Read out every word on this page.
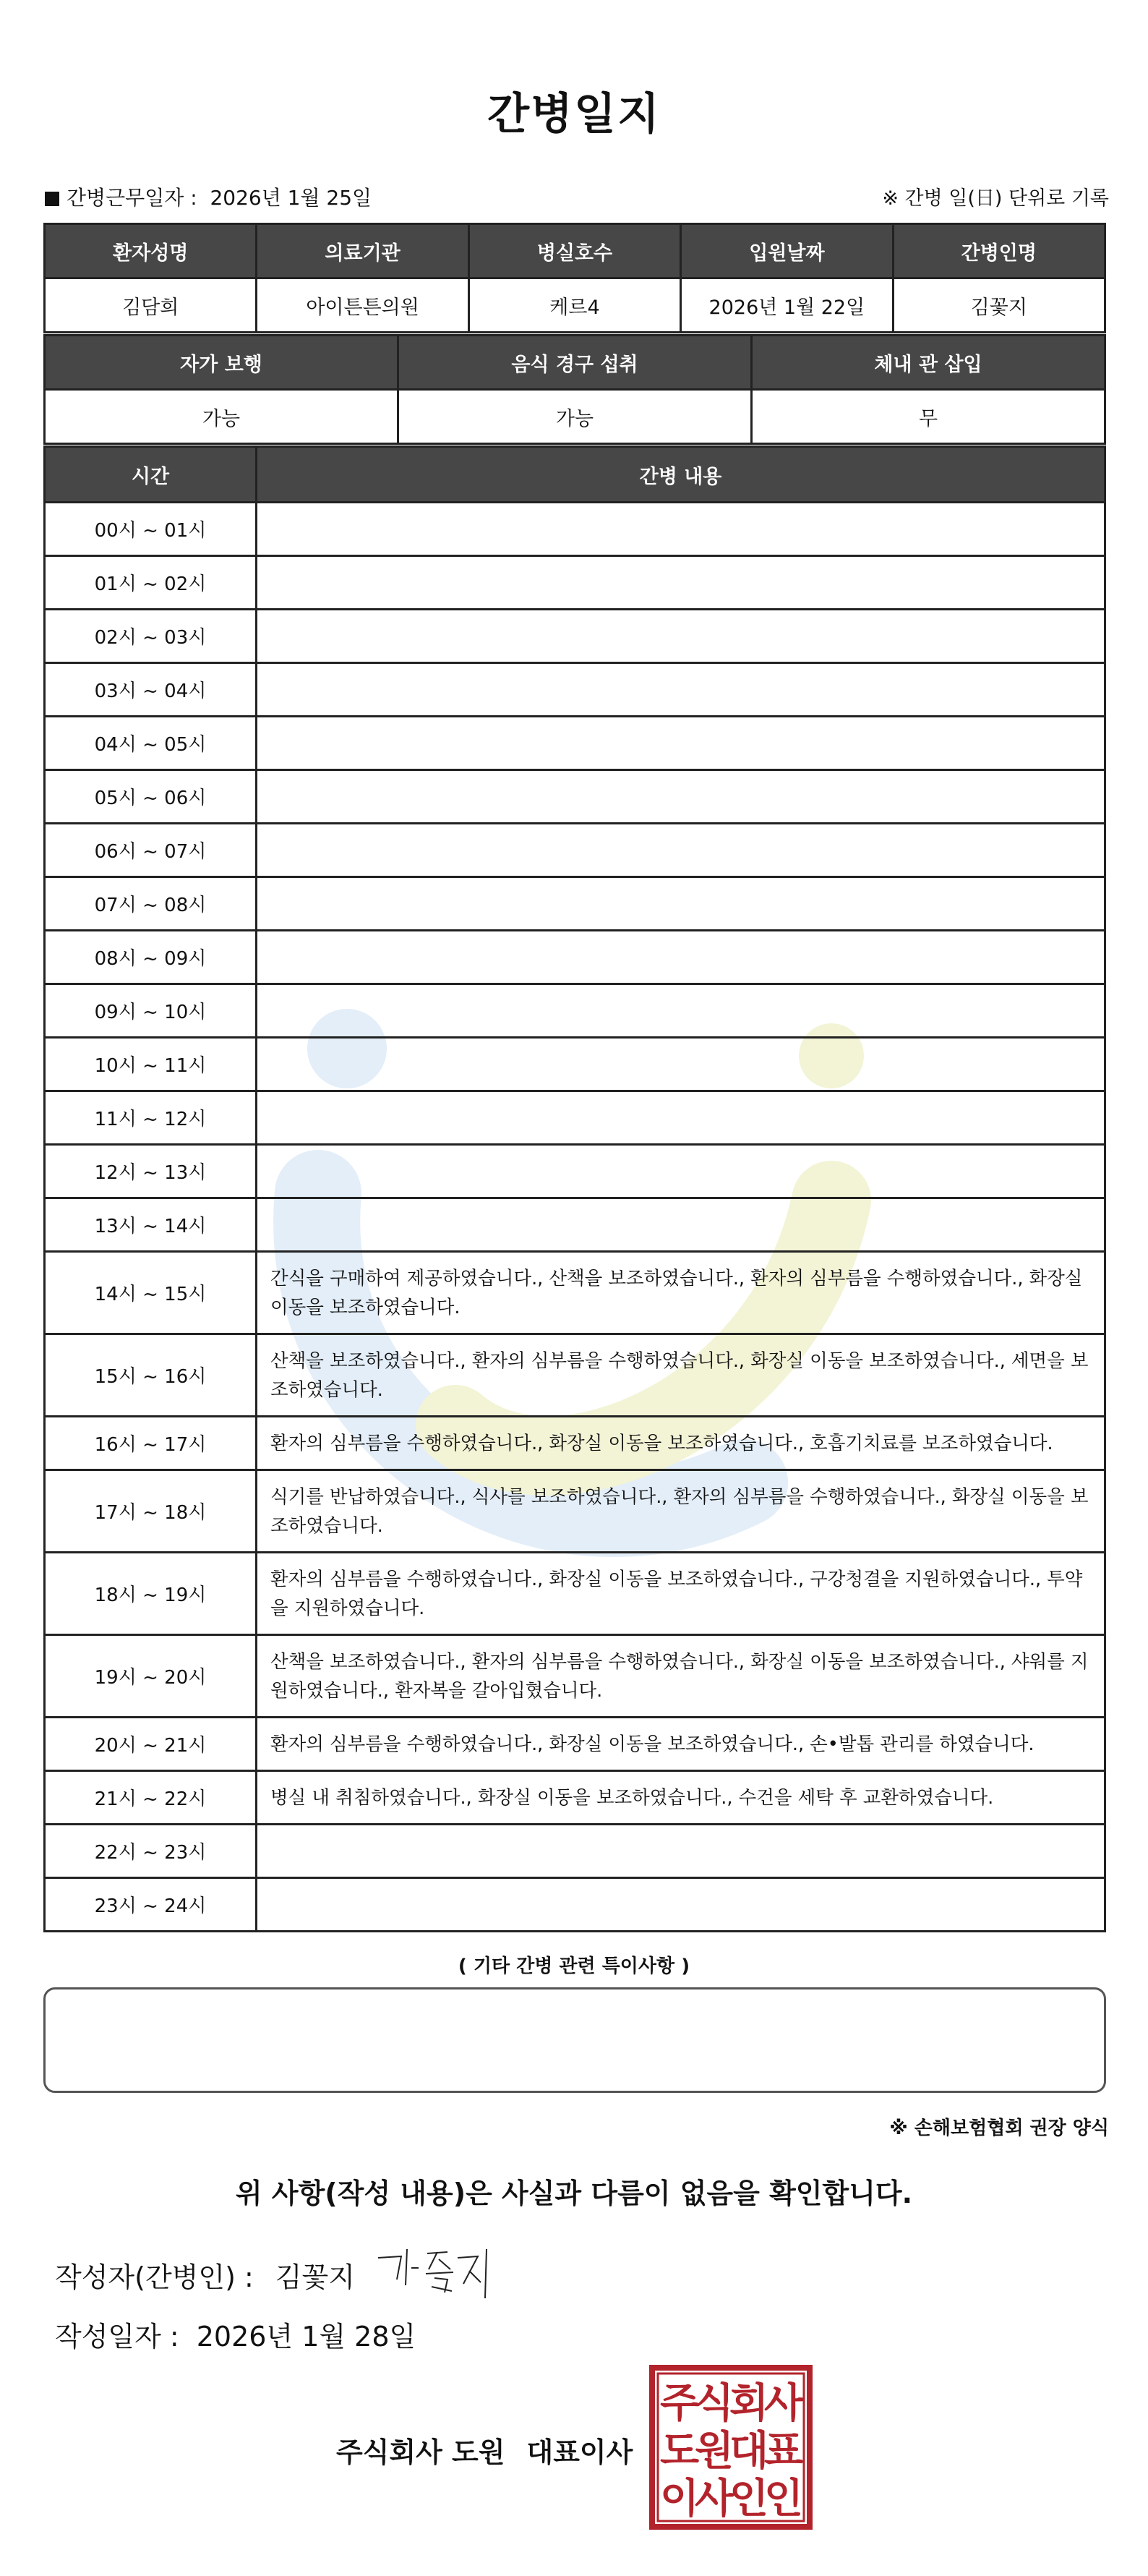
간병일지
간병근무일자 : 2026년 1월 25일	※ 간병 일(日) 단위로 기록
환자성명	의료기관	병실호수	입원날짜	간병인명
김담희	아이튼튼의원	케르4	2026년 1월 22일	김꽃지
자가 보행	음식 경구 섭취	체내 관 삽입
가능	가능	무
시간	간병 내용
00시 ~ 01시	
01시 ~ 02시	
02시 ~ 03시	
03시 ~ 04시	
04시 ~ 05시	
05시 ~ 06시	
06시 ~ 07시	
07시 ~ 08시	
08시 ~ 09시	
09시 ~ 10시	
10시 ~ 11시	
11시 ~ 12시	
12시 ~ 13시	
13시 ~ 14시	
14시 ~ 15시	간식을 구매하여 제공하였습니다., 산책을 보조하였습니다., 환자의 심부름을 수행하였습니다., 화장실 이동을 보조하였습니다.
15시 ~ 16시	산책을 보조하였습니다., 환자의 심부름을 수행하였습니다., 화장실 이동을 보조하였습니다., 세면을 보조하였습니다.
16시 ~ 17시	환자의 심부름을 수행하였습니다., 화장실 이동을 보조하였습니다., 호흡기치료를 보조하였습니다.
17시 ~ 18시	식기를 반납하였습니다., 식사를 보조하였습니다., 환자의 심부름을 수행하였습니다., 화장실 이동을 보조하였습니다.
18시 ~ 19시	환자의 심부름을 수행하였습니다., 화장실 이동을 보조하였습니다., 구강청결을 지원하였습니다., 투약을 지원하였습니다.
19시 ~ 20시	산책을 보조하였습니다., 환자의 심부름을 수행하였습니다., 화장실 이동을 보조하였습니다., 샤워를 지원하였습니다., 환자복을 갈아입혔습니다.
20시 ~ 21시	환자의 심부름을 수행하였습니다., 화장실 이동을 보조하였습니다., 손•발톱 관리를 하였습니다.
21시 ~ 22시	병실 내 취침하였습니다., 화장실 이동을 보조하였습니다., 수건을 세탁 후 교환하였습니다.
22시 ~ 23시	
23시 ~ 24시	
( 기타 간병 관련 특이사항 )
※ 손해보험협회 권장 양식
위 사항(작성 내용)은 사실과 다름이 없음을 확인합니다.
작성자(간병인) : 김꽃지
작성일자 : 2026년 1월 28일
주식회사 도원 대표이사
주
식
회
사
도
원
대
표
이
사
인
인
